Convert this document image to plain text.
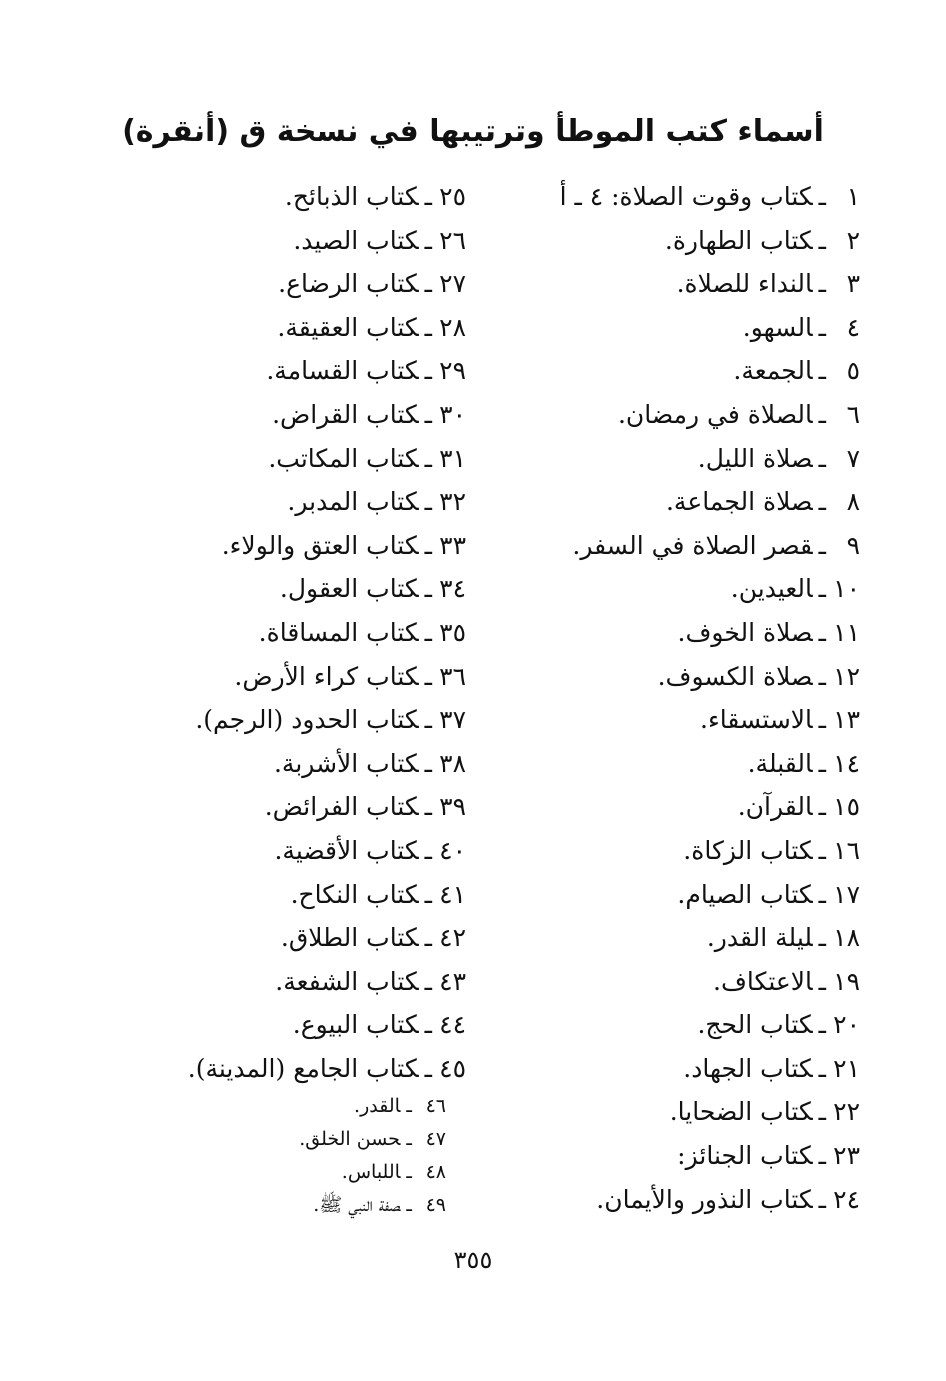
أسماء كتب الموطأ وترتيبها في نسخة ق (أنقرة)
١ـكتاب وقوت الصلاة: ٤ ـ أ
٢ـكتاب الطهارة.
٣ـالنداء للصلاة.
٤ـالسهو.
٥ـالجمعة.
٦ـالصلاة في رمضان.
٧ـصلاة الليل.
٨ـصلاة الجماعة.
٩ـقصر الصلاة في السفر.
١٠ـالعيدين.
١١ـصلاة الخوف.
١٢ـصلاة الكسوف.
١٣ـالاستسقاء.
١٤ـالقبلة.
١٥ـالقرآن.
١٦ـكتاب الزكاة.
١٧ـكتاب الصيام.
١٨ـليلة القدر.
١٩ـالاعتكاف.
٢٠ـكتاب الحج.
٢١ـكتاب الجهاد.
٢٢ـكتاب الضحايا.
٢٣ـكتاب الجنائز:
٢٤ـكتاب النذور والأيمان.
٢٥ـكتاب الذبائح.
٢٦ـكتاب الصيد.
٢٧ـكتاب الرضاع.
٢٨ـكتاب العقيقة.
٢٩ـكتاب القسامة.
٣٠ـكتاب القراض.
٣١ـكتاب المكاتب.
٣٢ـكتاب المدبر.
٣٣ـكتاب العتق والولاء.
٣٤ـكتاب العقول.
٣٥ـكتاب المساقاة.
٣٦ـكتاب كراء الأرض.
٣٧ـكتاب الحدود (الرجم).
٣٨ـكتاب الأشربة.
٣٩ـكتاب الفرائض.
٤٠ـكتاب الأقضية.
٤١ـكتاب النكاح.
٤٢ـكتاب الطلاق.
٤٣ـكتاب الشفعة.
٤٤ـكتاب البيوع.
٤٥ـكتاب الجامع (المدينة).
٤٦ـالقدر.
٤٧ـحسن الخلق.
٤٨ـاللباس.
٤٩ـصفة النبي ﷺ.
٣٥٥
